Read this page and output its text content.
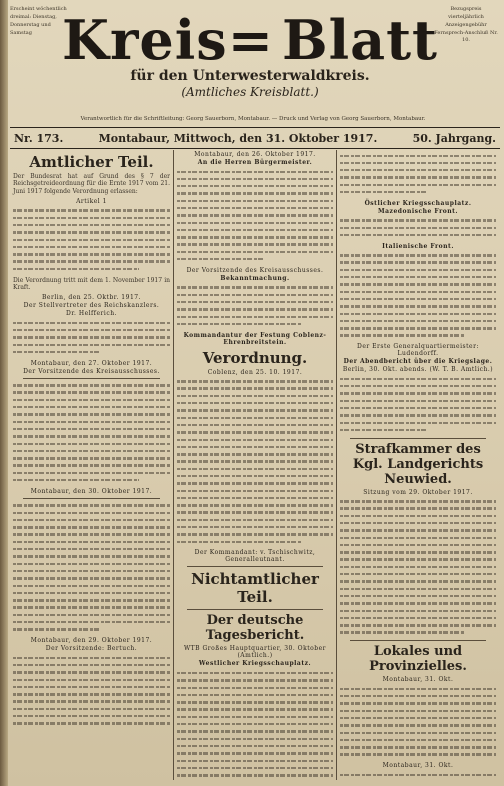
Erscheint wöchentlich
dreimal: Dienstag,
Donnerstag und
Samstag Kreis = Blatt
für den Unterwesterwaldkreis.
(Amtliches Kreisblatt.)
Bezugspreis
vierteljährlich
Anzeigengebühr
Fernsprech-Anschluß Nr. 10.
Verantwortlich für die Schriftleitung: Georg Sauerborn, Montabaur. — Druck und Verlag von Georg Sauerborn, Montabaur.
Nr. 173.	Montabaur, Mittwoch, den 31. Oktober 1917.	50. Jahrgang.
Amtlicher Teil.
Der Bundesrat hat auf Grund des § 7 der Reichsgetreideordnung für die Ernte 1917 vom 21. Juni 1917 folgende Verordnung erlassen:
Artikel 1
Die Verordnung tritt mit dem 1. November 1917 in Kraft.
Berlin, den 25. Oktbr. 1917.
Der Stellvertreter des Reichskanzlers.
Dr. Helfferich.
Montabaur, den 27. Oktober 1917.
Der Vorsitzende des Kreisausschusses.
Montabaur, den 30. Oktober 1917.
Montabaur, den 29. Oktober 1917.
Der Vorsitzende: Bertuch.
Montabaur, den 26. Oktober 1917.
An die Herren Bürgermeister.
Der Vorsitzende des Kreisausschusses.
Bekanntmachung.
Kommandantur der Festung Coblenz-Ehrenbreitstein.
Verordnung.
Coblenz, den 25. 10. 1917.
Der Kommandant: v. Tschischwitz, Generalleutnant.
Nichtamtlicher Teil.
Der deutsche Tagesbericht.
WTB Großes Hauptquartier, 30. Oktober (Amtlich.)
Westlicher Kriegsschauplatz.
Östlicher Kriegsschauplatz.
Mazedonische Front.
Italienische Front.
Der Erste Generalquartiermeister: Ludendorff.
Der Abendbericht über die Kriegslage.
Berlin, 30. Okt. abends. (W. T. B. Amtlich.)
Strafkammer des Kgl. Landgerichts Neuwied.
Sitzung vom 29. Oktober 1917.
Lokales und Provinzielles.
Montabaur, 31. Okt.
Montabaur, 31. Okt.
